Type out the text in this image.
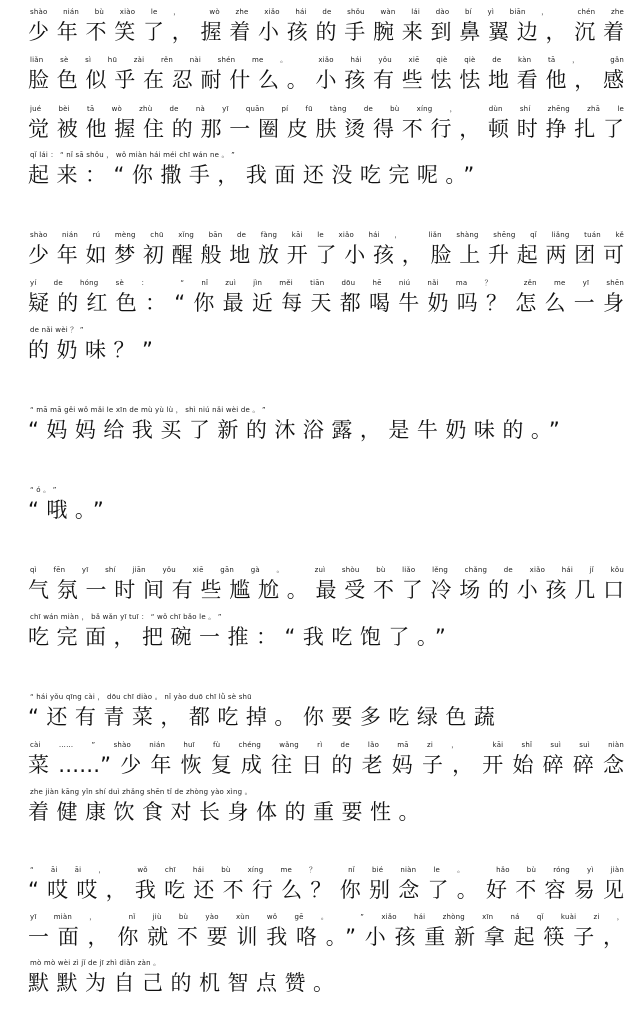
shào nián bù xiào le ， wò zhe xiǎo hái de shǒu wàn lái dào bí yì biān ， chén zhe
少年不笑了，握着小孩的手腕来到鼻翼边，沉着
liǎn sè sì hū zài rěn nài shén me 。 xiǎo hái yǒu xiē qiè qiè de kàn tā ， gǎn
脸色似乎在忍耐什么。小孩有些怯怯地看他，感
jué bèi tā wò zhù de nà yī quān pí fū tàng de bù xíng ， dùn shí zhēng zhā le
觉被他握住的那一圈皮肤烫得不行，顿时挣扎了
qǐ lái ： “ nǐ sā shǒu ， wǒ miàn hái méi chī wán ne 。 ”
起来：“你撒手，我面还没吃完呢。”
shào nián rú mèng chū xǐng bān de fàng kāi le xiǎo hái ， liǎn shàng shēng qǐ liǎng tuán kě
少年如梦初醒般地放开了小孩，脸上升起两团可
yí de hóng sè ： “ nǐ zuì jìn měi tiān dōu hē niú nǎi ma ？ zěn me yī shēn
疑的红色：“你最近每天都喝牛奶吗？怎么一身
de nǎi wèi ？ ”
的奶味？”
“ mā mā gěi wǒ mǎi le xīn de mù yù lù ， shì niú nǎi wèi de 。 ”
“妈妈给我买了新的沐浴露，是牛奶味的。”
“ ó 。 ”
“哦。”
qì fēn yī shí jiān yǒu xiē gān gà 。 zuì shòu bù liǎo lěng chǎng de xiǎo hái jǐ kǒu
气氛一时间有些尴尬。最受不了冷场的小孩几口
chī wán miàn ， bǎ wǎn yī tuī ： “ wǒ chī bǎo le 。 ”
吃完面，把碗一推：“我吃饱了。”
“ hái yǒu qīng cài ， dōu chī diào 。 nǐ yào duō chī lǜ sè shū
“还有青菜，都吃掉。你要多吃绿色蔬
cài …… ” shào nián huī fù chéng wǎng rì de lǎo mā zi ， kāi shǐ suì suì niàn
菜……”少年恢复成往日的老妈子，开始碎碎念
zhe jiàn kāng yǐn shí duì zhǎng shēn tǐ de zhòng yào xìng 。
着健康饮食对长身体的重要性。
“ āi āi ， wǒ chī hái bù xíng me ？ nǐ bié niàn le 。 hǎo bù róng yì jiàn
“哎哎，我吃还不行么？你别念了。好不容易见
yī miàn ， nǐ jiù bù yào xùn wǒ gē 。 ” xiǎo hái zhòng xīn ná qǐ kuài zi ，
一面，你就不要训我咯。”小孩重新拿起筷子，
mò mò wèi zì jǐ de jī zhì diǎn zàn 。
默默为自己的机智点赞。
